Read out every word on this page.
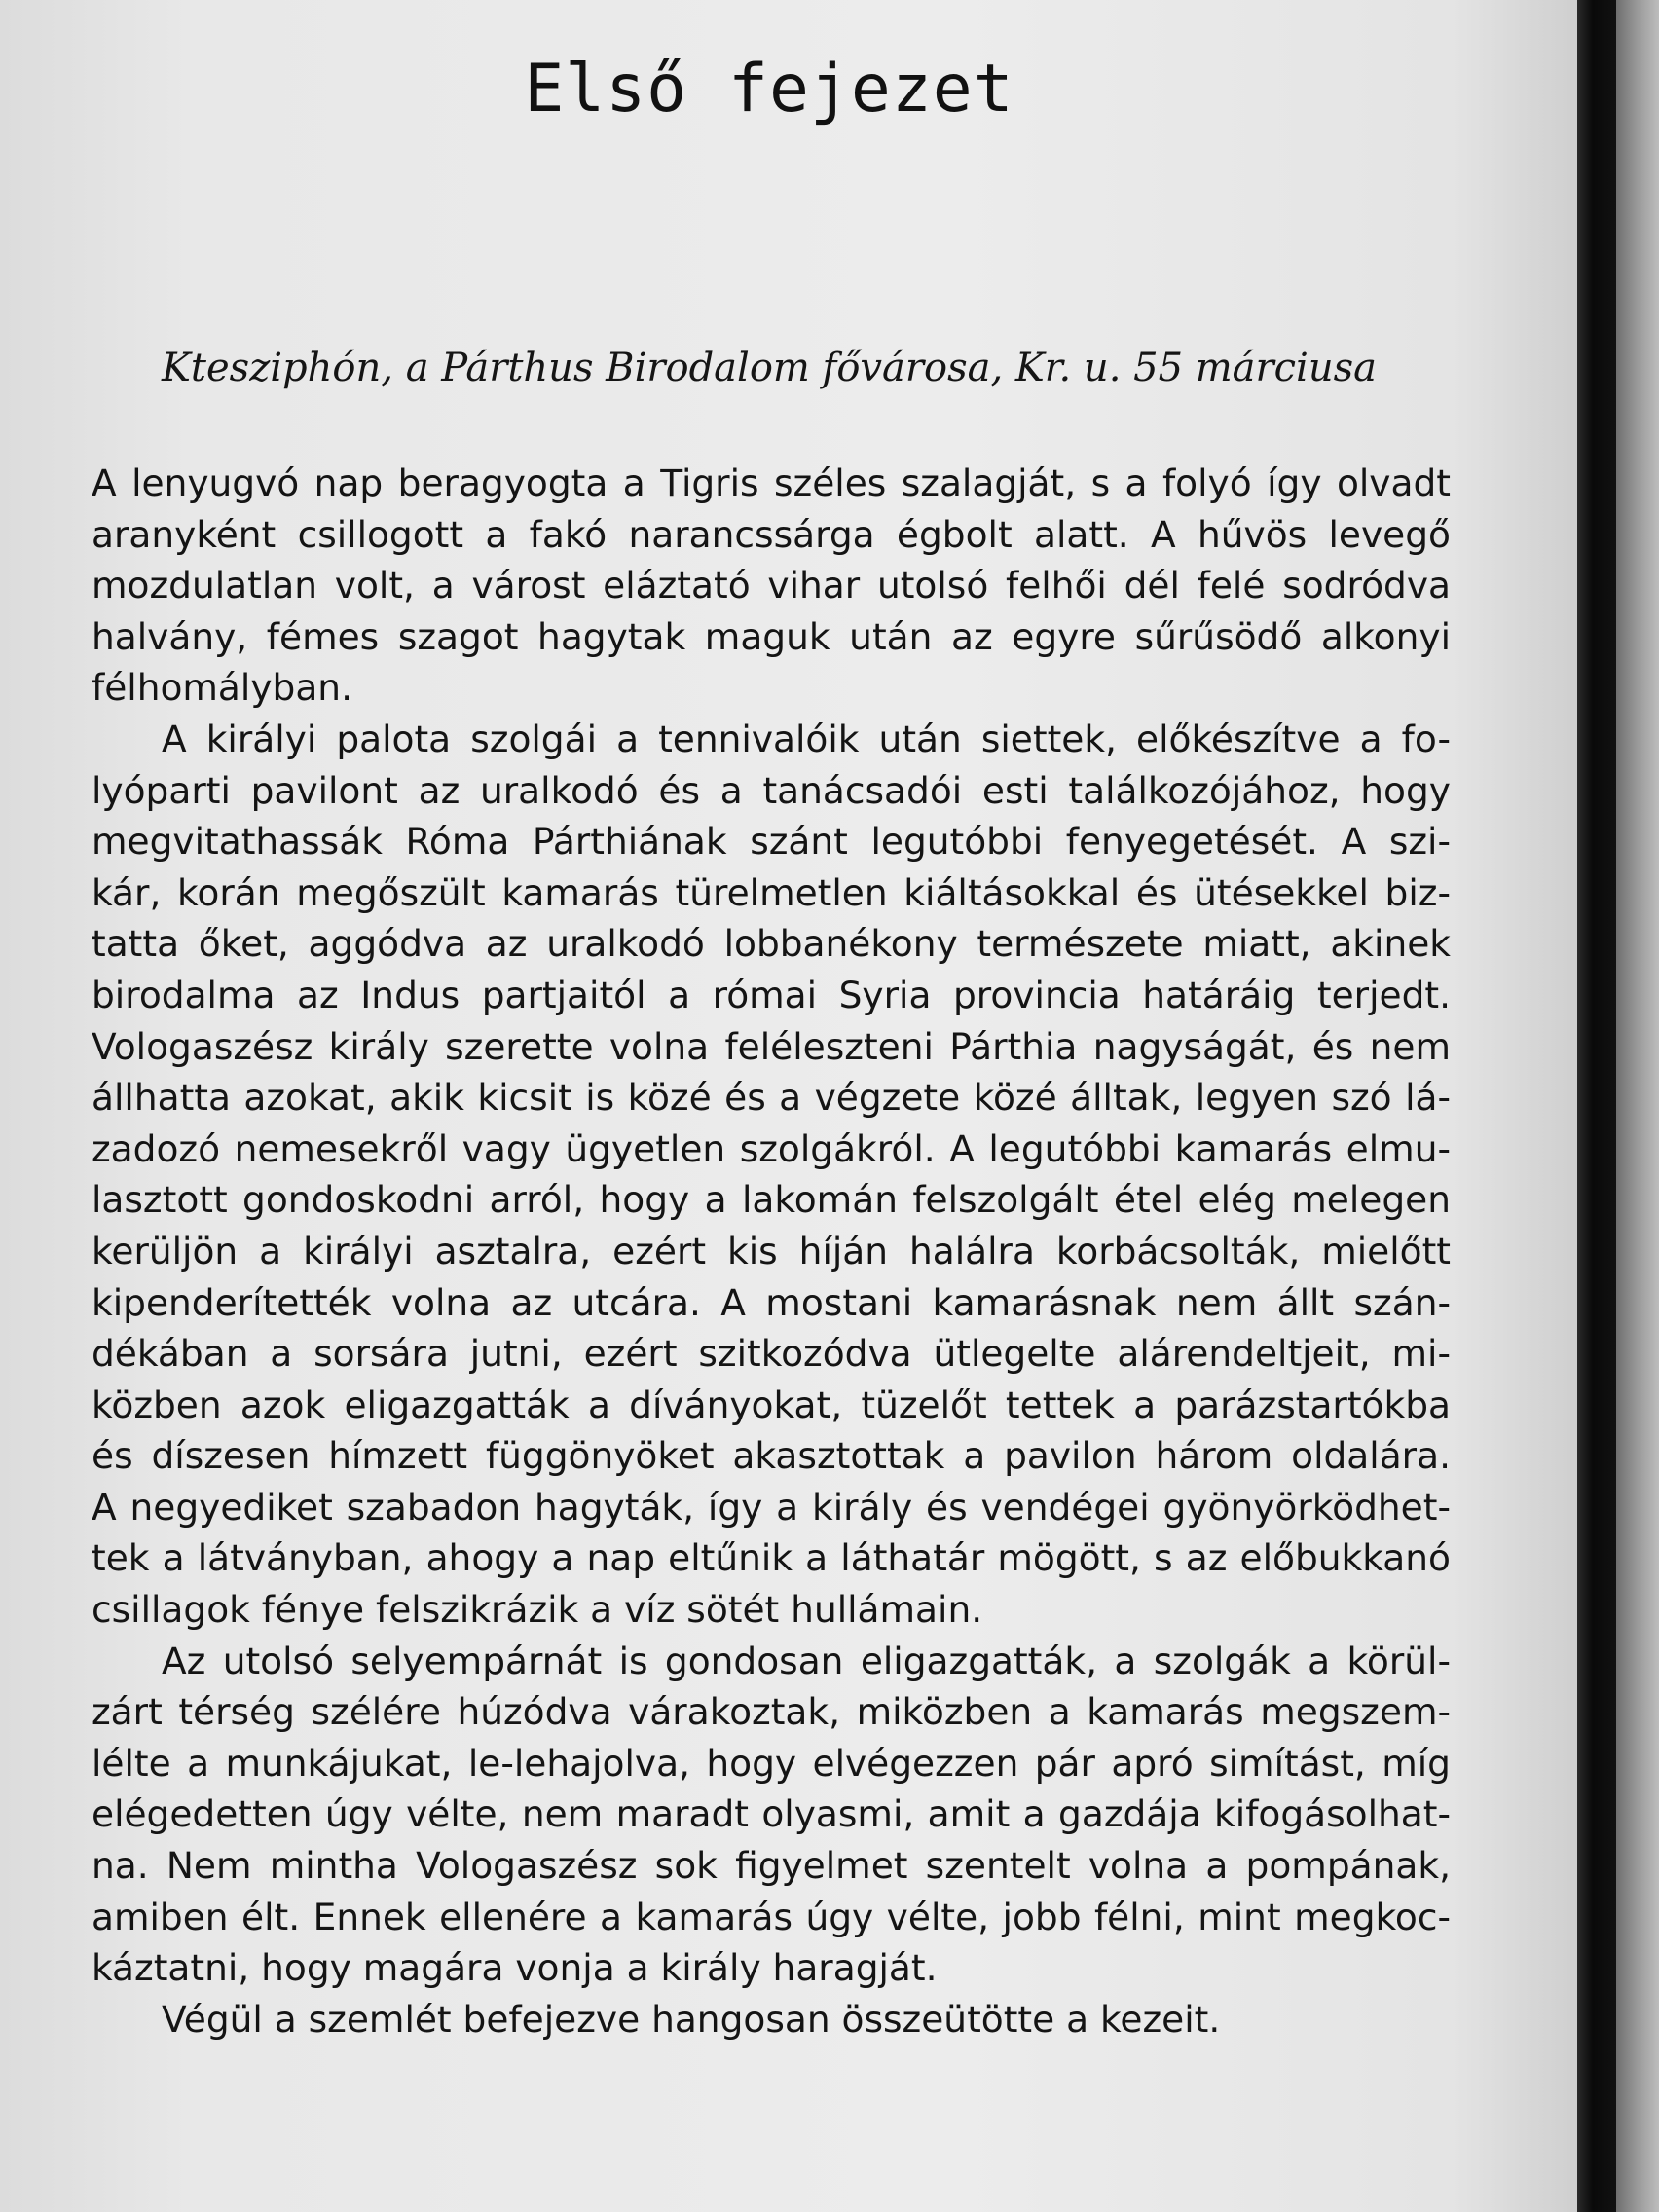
Első fejezet
Ktesziphón, a Párthus Birodalom fővárosa, Kr. u. 55 márciusa
A lenyugvó nap beragyogta a Tigris széles szalagját, s a folyó így olvadt
aranyként csillogott a fakó narancssárga égbolt alatt. A hűvös levegő
mozdulatlan volt, a várost eláztató vihar utolsó felhői dél felé sodródva
halvány, fémes szagot hagytak maguk után az egyre sűrűsödő alkonyi
félhomályban.
A királyi palota szolgái a tennivalóik után siettek, előkészítve a fo-
lyóparti pavilont az uralkodó és a tanácsadói esti találkozójához, hogy
megvitathassák Róma Párthiának szánt legutóbbi fenyegetését. A szi-
kár, korán megőszült kamarás türelmetlen kiáltásokkal és ütésekkel biz-
tatta őket, aggódva az uralkodó lobbanékony természete miatt, akinek
birodalma az Indus partjaitól a római Syria provincia határáig terjedt.
Vologaszész király szerette volna feléleszteni Párthia nagyságát, és nem
állhatta azokat, akik kicsit is közé és a végzete közé álltak, legyen szó lá-
zadozó nemesekről vagy ügyetlen szolgákról. A legutóbbi kamarás elmu-
lasztott gondoskodni arról, hogy a lakomán felszolgált étel elég melegen
kerüljön a királyi asztalra, ezért kis híján halálra korbácsolták, mielőtt
kipenderítették volna az utcára. A mostani kamarásnak nem állt szán-
dékában a sorsára jutni, ezért szitkozódva ütlegelte alárendeltjeit, mi-
közben azok eligazgatták a díványokat, tüzelőt tettek a parázstartókba
és díszesen hímzett függönyöket akasztottak a pavilon három oldalára.
A negyediket szabadon hagyták, így a király és vendégei gyönyörködhet-
tek a látványban, ahogy a nap eltűnik a láthatár mögött, s az előbukkanó
csillagok fénye felszikrázik a víz sötét hullámain.
Az utolsó selyempárnát is gondosan eligazgatták, a szolgák a körül-
zárt térség szélére húzódva várakoztak, miközben a kamarás megszem-
lélte a munkájukat, le-lehajolva, hogy elvégezzen pár apró simítást, míg
elégedetten úgy vélte, nem maradt olyasmi, amit a gazdája kifogásolhat-
na. Nem mintha Vologaszész sok figyelmet szentelt volna a pompának,
amiben élt. Ennek ellenére a kamarás úgy vélte, jobb félni, mint megkoc-
káztatni, hogy magára vonja a király haragját.
Végül a szemlét befejezve hangosan összeütötte a kezeit.
